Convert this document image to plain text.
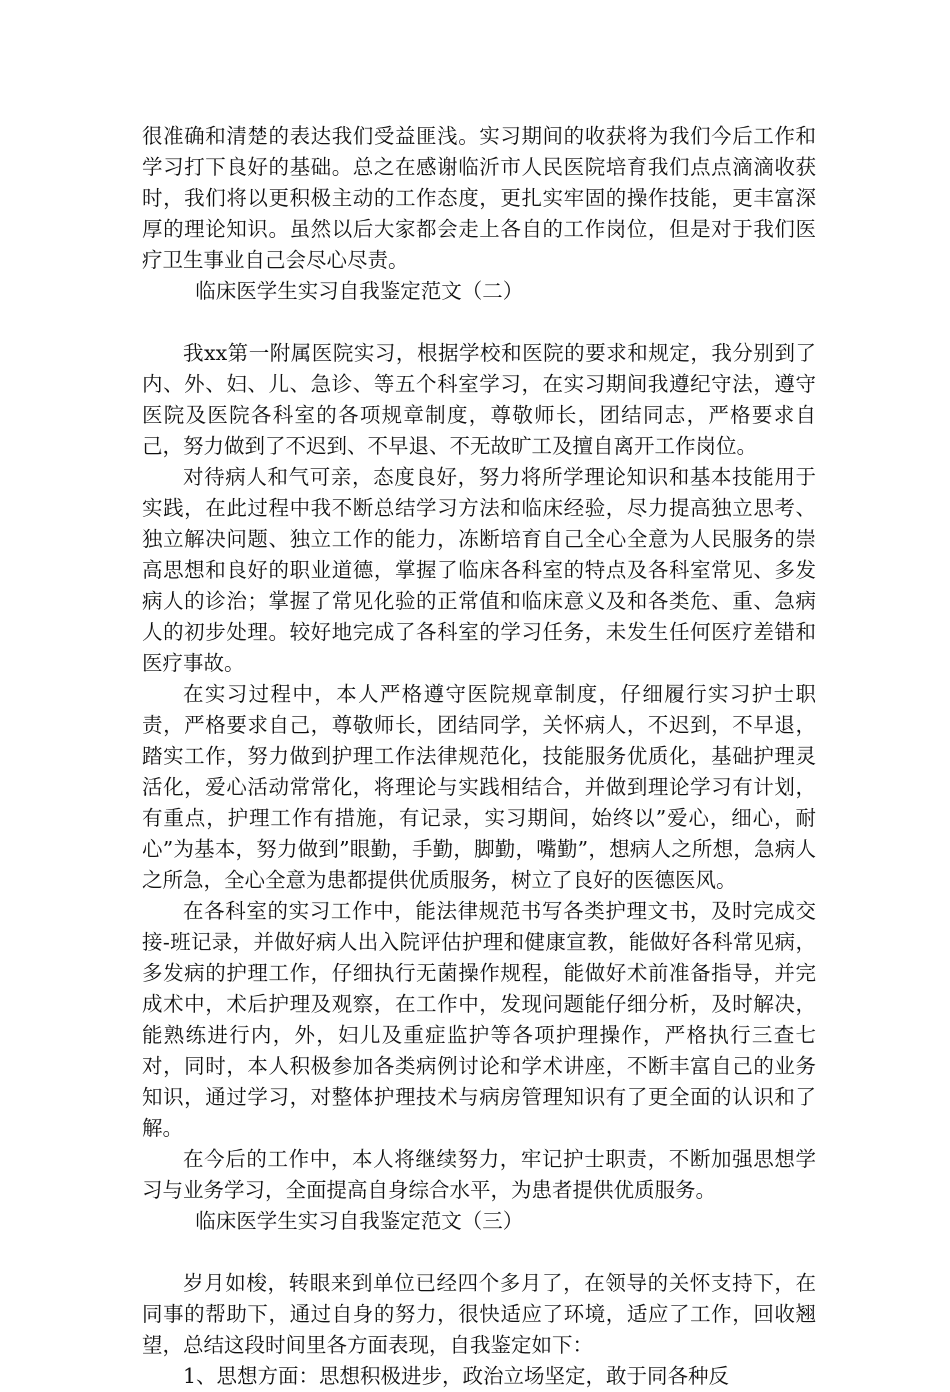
很准确和清楚的表达我们受益匪浅。实习期间的收获将为我们今后工作和学习打下良好的基础。总之在感谢临沂市人民医院培育我们点点滴滴收获时，我们将以更积极主动的工作态度，更扎实牢固的操作技能，更丰富深厚的理论知识。虽然以后大家都会走上各自的工作岗位，但是对于我们医疗卫生事业自己会尽心尽责。

临床医学生实习自我鉴定范文（二）

我xx第一附属医院实习，根据学校和医院的要求和规定，我分别到了内、外、妇、儿、急诊、等五个科室学习，在实习期间我遵纪守法，遵守医院及医院各科室的各项规章制度，尊敬师长，团结同志，严格要求自己，努力做到了不迟到、不早退、不无故旷工及擅自离开工作岗位。

对待病人和气可亲，态度良好，努力将所学理论知识和基本技能用于实践，在此过程中我不断总结学习方法和临床经验，尽力提高独立思考、独立解决问题、独立工作的能力，冻断培育自己全心全意为人民服务的崇高思想和良好的职业道德，掌握了临床各科室的特点及各科室常见、多发病人的诊治；掌握了常见化验的正常值和临床意义及和各类危、重、急病人的初步处理。较好地完成了各科室的学习任务，未发生任何医疗差错和医疗事故。

在实习过程中，本人严格遵守医院规章制度，仔细履行实习护士职责，严格要求自己，尊敬师长，团结同学，关怀病人，不迟到，不早退，踏实工作，努力做到护理工作法律规范化，技能服务优质化，基础护理灵活化，爱心活动常常化，将理论与实践相结合，并做到理论学习有计划，有重点，护理工作有措施，有记录，实习期间，始终以”爱心，细心，耐心”为基本，努力做到”眼勤，手勤，脚勤，嘴勤”，想病人之所想，急病人之所急，全心全意为患都提供优质服务，树立了良好的医德医风。

在各科室的实习工作中，能法律规范书写各类护理文书，及时完成交接-班记录，并做好病人出入院评估护理和健康宣教，能做好各科常见病，多发病的护理工作，仔细执行无菌操作规程，能做好术前准备指导，并完成术中，术后护理及观察，在工作中，发现问题能仔细分析，及时解决，能熟练进行内，外，妇儿及重症监护等各项护理操作，严格执行三查七对，同时，本人积极参加各类病例讨论和学术讲座，不断丰富自己的业务知识，通过学习，对整体护理技术与病房管理知识有了更全面的认识和了解。

在今后的工作中，本人将继续努力，牢记护士职责，不断加强思想学习与业务学习，全面提高自身综合水平，为患者提供优质服务。

临床医学生实习自我鉴定范文（三）

岁月如梭，转眼来到单位已经四个多月了，在领导的关怀支持下，在同事的帮助下，通过自身的努力，很快适应了环境，适应了工作，回收翘望，总结这段时间里各方面表现，自我鉴定如下：

1、思想方面：思想积极进步，政治立场坚定，敢于同各种反
